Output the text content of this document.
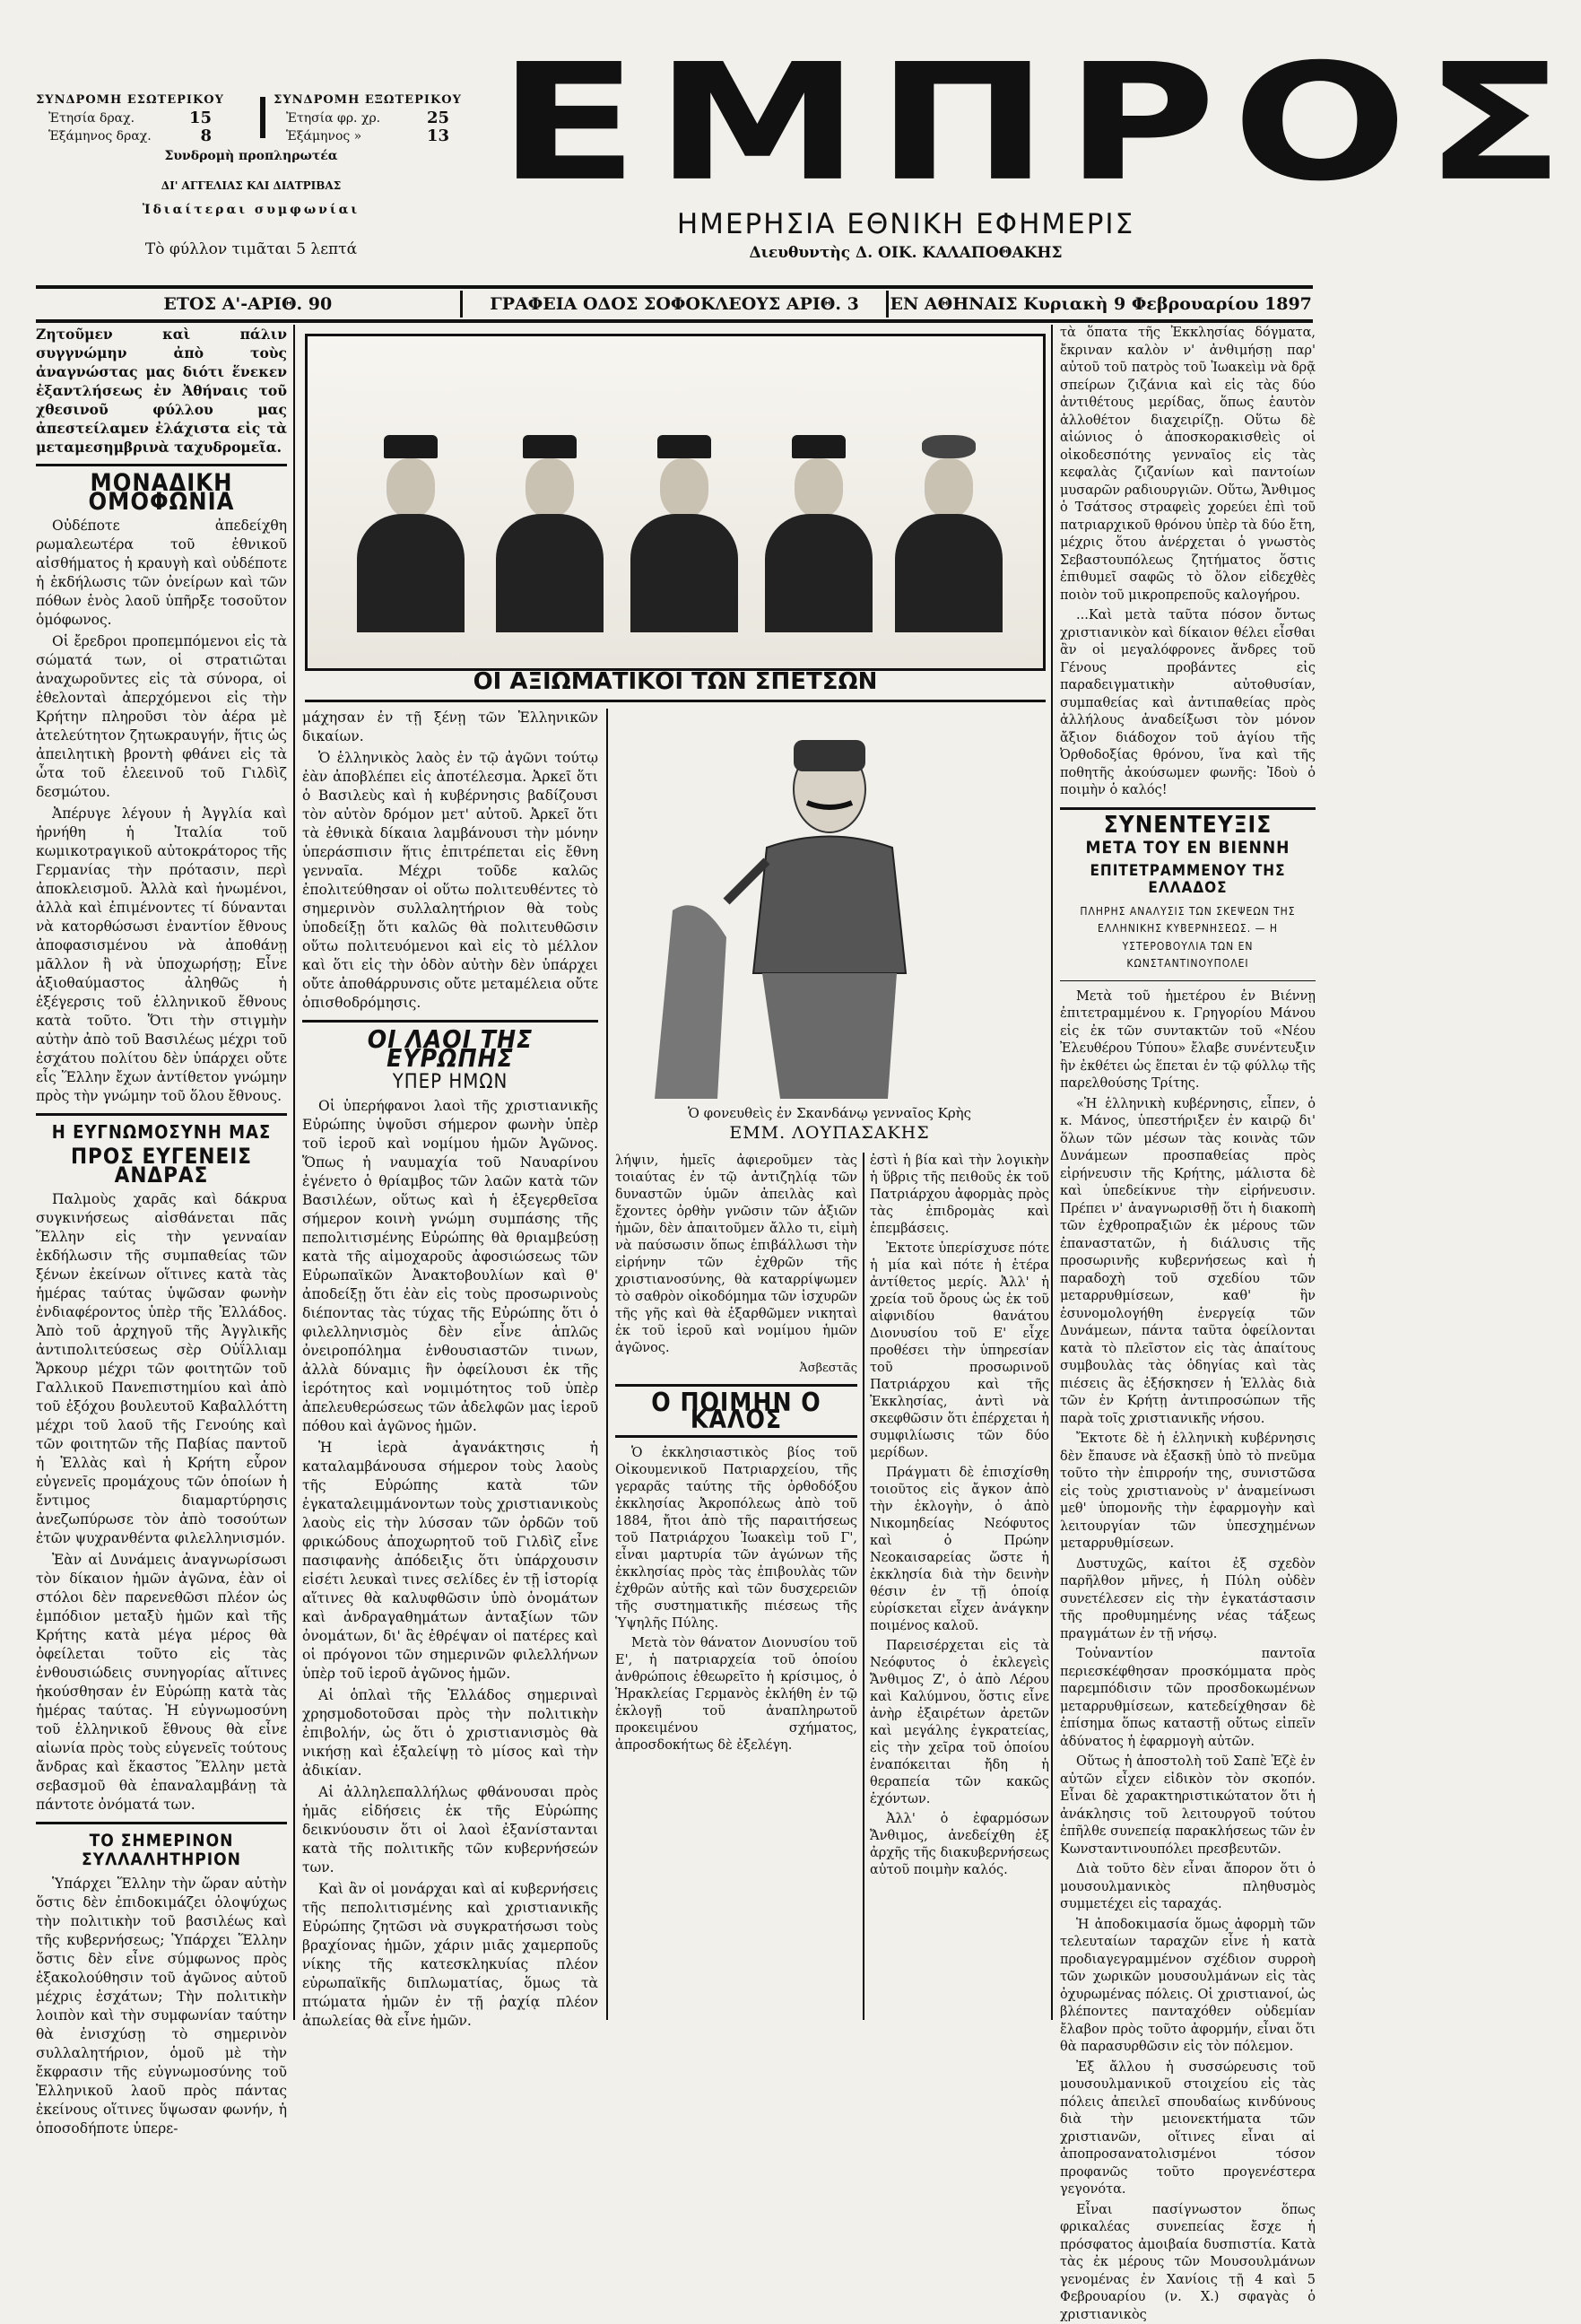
ΣΥΝΔΡΟΜΗ ΕΣΩΤΕΡΙΚΟΥ
Ἐτησία δραχ.	15
Ἑξάμηνος δραχ.	8
ΣΥΝΔΡΟΜΗ ΕΞΩΤΕΡΙΚΟΥ
Ἐτησία φρ. χρ.	25
Ἑξάμηνος »	13
Συνδρομὴ προπληρωτέα
ΔΙ' ΑΓΓΕΛΙΑΣ ΚΑΙ ΔΙΑΤΡΙΒΑΣ
Ἰδιαίτεραι συμφωνίαι
Τὸ φύλλον τιμᾶται 5 λεπτά
ΕΜΠΡΟΣ
ΗΜΕΡΗΣΙΑ ΕΘΝΙΚΗ ΕΦΗΜΕΡΙΣ
Διευθυντὴς Δ. ΟΙΚ. ΚΑΛΑΠΟΘΑΚΗΣ
ΕΤΟΣ Α'-ΑΡΙΘ. 90	ΓΡΑΦΕΙΑ ΟΔΟΣ ΣΟΦΟΚΛΕΟΥΣ ΑΡΙΘ. 3	ΕΝ ΑΘΗΝΑΙΣ Κυριακὴ 9 Φεβρουαρίου 1897

Ζητοῦμεν καὶ πάλιν συγγνώμην ἀπὸ τοὺς ἀναγνώστας μας διότι ἕνεκεν ἐξαντλήσεως ἐν Ἀθήναις τοῦ χθεσινοῦ φύλλου μας ἀπεστείλαμεν ἐλάχιστα εἰς τὰ μεταμεσημβρινὰ ταχυδρομεῖα.

ΜΟΝΑΔΙΚΗ ΟΜΟΦΩΝΙΑ

Οὐδέποτε ἀπεδείχθη ρωμαλεωτέρα τοῦ ἐθνικοῦ αἰσθήματος ἡ κραυγὴ καὶ οὐδέποτε ἡ ἐκδήλωσις τῶν ὀνείρων καὶ τῶν πόθων ἑνὸς λαοῦ ὑπῆρξε τοσοῦτον ὁμόφωνος.

Οἱ ἔρεδροι προπεμπόμενοι εἰς τὰ σώματά των, οἱ στρατιῶται ἀναχωροῦντες εἰς τὰ σύνορα, οἱ ἐθελονταὶ ἀπερχόμενοι εἰς τὴν Κρήτην πληροῦσι τὸν ἀέρα μὲ ἀτελεύτητον ζητωκραυγήν, ἥτις ὡς ἀπειλητικὴ βροντὴ φθάνει εἰς τὰ ὦτα τοῦ ἐλεεινοῦ τοῦ Γιλδὶζ δεσμώτου.

Ἀπέρυγε λέγουν ἡ Ἀγγλία καὶ ἠρνήθη ἡ Ἰταλία τοῦ κωμικοτραγικοῦ αὐτοκράτορος τῆς Γερμανίας τὴν πρότασιν, περὶ ἀποκλεισμοῦ. Ἀλλὰ καὶ ἡνωμένοι, ἀλλὰ καὶ ἐπιμένοντες τί δύνανται νὰ κατορθώσωσι ἐναντίον ἔθνους ἀποφασισμένου νὰ ἀποθάνῃ μᾶλλον ἢ νὰ ὑποχωρήσῃ; Εἶνε ἀξιοθαύμαστος ἀληθῶς ἡ ἐξέγερσις τοῦ ἑλληνικοῦ ἔθνους κατὰ τοῦτο. Ὅτι τὴν στιγμὴν αὐτὴν ἀπὸ τοῦ Βασιλέως μέχρι τοῦ ἐσχάτου πολίτου δὲν ὑπάρχει οὔτε εἷς Ἕλλην ἔχων ἀντίθετον γνώμην πρὸς τὴν γνώμην τοῦ ὅλου ἔθνους.

Η ΕΥΓΝΩΜΟΣΥΝΗ ΜΑΣ
ΠΡΟΣ ΕΥΓΕΝΕΙΣ ΑΝΔΡΑΣ

Παλμοὺς χαρᾶς καὶ δάκρυα συγκινήσεως αἰσθάνεται πᾶς Ἕλλην εἰς τὴν γενναίαν ἐκδήλωσιν τῆς συμπαθείας τῶν ξένων ἐκείνων οἵτινες κατὰ τὰς ἡμέρας ταύτας ὑψῶσαν φωνὴν ἐνδιαφέροντος ὑπὲρ τῆς Ἑλλάδος. Ἀπὸ τοῦ ἀρχηγοῦ τῆς Ἀγγλικῆς ἀντιπολιτεύσεως σὲρ Οὐΐλλιαμ Ἄρκουρ μέχρι τῶν φοιτητῶν τοῦ Γαλλικοῦ Πανεπιστημίου καὶ ἀπὸ τοῦ ἐξόχου βουλευτοῦ Καβαλλόττη μέχρι τοῦ λαοῦ τῆς Γενούης καὶ τῶν φοιτητῶν τῆς Παβίας παντοῦ ἡ Ἑλλὰς καὶ ἡ Κρήτη εὗρον εὐγενεῖς προμάχους τῶν ὁποίων ἡ ἔντιμος διαμαρτύρησις ἀνεζωπύρωσε τὸν ἀπὸ τοσούτων ἐτῶν ψυχρανθέντα φιλελληνισμόν.

Ἐὰν αἱ Δυνάμεις ἀναγνωρίσωσι τὸν δίκαιον ἡμῶν ἀγῶνα, ἐὰν οἱ στόλοι δὲν παρενεθῶσι πλέον ὡς ἐμπόδιον μεταξὺ ἡμῶν καὶ τῆς Κρήτης κατὰ μέγα μέρος θὰ ὀφείλεται τοῦτο εἰς τὰς ἐνθουσιώδεις συνηγορίας αἵτινες ἠκούσθησαν ἐν Εὐρώπῃ κατὰ τὰς ἡμέρας ταύτας. Ἡ εὐγνωμοσύνη τοῦ ἑλληνικοῦ ἔθνους θὰ εἶνε αἰωνία πρὸς τοὺς εὐγενεῖς τούτους ἄνδρας καὶ ἕκαστος Ἕλλην μετὰ σεβασμοῦ θὰ ἐπαναλαμβάνῃ τὰ πάντοτε ὀνόματά των.

ΤΟ ΣΗΜΕΡΙΝΟΝ ΣΥΛΛΑΛΗΤΗΡΙΟΝ

Ὑπάρχει Ἕλλην τὴν ὥραν αὐτὴν ὅστις δὲν ἐπιδοκιμάζει ὁλοψύχως τὴν πολιτικὴν τοῦ βασιλέως καὶ τῆς κυβερνήσεως; Ὑπάρχει Ἕλλην ὅστις δὲν εἶνε σύμφωνος πρὸς ἐξακολούθησιν τοῦ ἀγῶνος αὐτοῦ μέχρις ἐσχάτων; Τὴν πολιτικὴν λοιπὸν καὶ τὴν συμφωνίαν ταύτην θὰ ἐνισχύσῃ τὸ σημερινὸν συλλαλητήριον, ὁμοῦ μὲ τὴν ἔκφρασιν τῆς εὐγνωμοσύνης τοῦ Ἑλληνικοῦ λαοῦ πρὸς πάντας ἐκείνους οἵτινες ὕψωσαν φωνήν, ἡ ὁποσοδήποτε ὑπερε-

ΟΙ ΑΞΙΩΜΑΤΙΚΟΙ ΤΩΝ ΣΠΕΤΣΩΝ

μάχησαν ἐν τῇ ξένῃ τῶν Ἑλληνικῶν δικαίων.

Ὁ ἑλληνικὸς λαὸς ἐν τῷ ἀγῶνι τούτῳ ἐὰν ἀποβλέπει εἰς ἀποτέλεσμα. Ἀρκεῖ ὅτι ὁ Βασιλεὺς καὶ ἡ κυβέρνησις βαδίζουσι τὸν αὐτὸν δρόμον μετ' αὐτοῦ. Ἀρκεῖ ὅτι τὰ ἐθνικὰ δίκαια λαμβάνουσι τὴν μόνην ὑπεράσπισιν ἥτις ἐπιτρέπεται εἰς ἔθνη γενναῖα. Μέχρι τοῦδε καλῶς ἐπολιτεύθησαν οἱ οὕτω πολιτευθέντες τὸ σημερινὸν συλλαλητήριον θὰ τοὺς ὑποδείξῃ ὅτι καλῶς θὰ πολιτευθῶσιν οὕτω πολιτευόμενοι καὶ εἰς τὸ μέλλον καὶ ὅτι εἰς τὴν ὁδὸν αὐτὴν δὲν ὑπάρχει οὔτε ἀποθάρρυνσις οὔτε μεταμέλεια οὔτε ὀπισθοδρόμησις.

ΟΙ ΛΑΟΙ ΤΗΣ ΕΥΡΩΠΗΣ
ΥΠΕΡ ΗΜΩΝ

Οἱ ὑπερήφανοι λαοὶ τῆς χριστιανικῆς Εὐρώπης ὑψοῦσι σήμερον φωνὴν ὑπὲρ τοῦ ἱεροῦ καὶ νομίμου ἡμῶν Ἀγῶνος. Ὅπως ἡ ναυμαχία τοῦ Ναυαρίνου ἐγένετο ὁ θρίαμβος τῶν λαῶν κατὰ τῶν Βασιλέων, οὕτως καὶ ἡ ἐξεγερθεῖσα σήμερον κοινὴ γνώμη συμπάσης τῆς πεπολιτισμένης Εὐρώπης θὰ θριαμβεύσῃ κατὰ τῆς αἰμοχαροῦς ἀφοσιώσεως τῶν Εὐρωπαϊκῶν Ἀνακτοβουλίων καὶ θ' ἀποδείξῃ ὅτι ἐὰν εἰς τοὺς προσωρινοὺς διέποντας τὰς τύχας τῆς Εὐρώπης ὅτι ὁ φιλελληνισμὸς δὲν εἶνε ἁπλῶς ὀνειροπόλημα ἐνθουσιαστῶν τινων, ἀλλὰ δύναμις ἣν ὀφείλουσι ἐκ τῆς ἱερότητος καὶ νομιμότητος τοῦ ὑπὲρ ἀπελευθερώσεως τῶν ἀδελφῶν μας ἱεροῦ πόθου καὶ ἀγῶνος ἡμῶν.

Ἡ ἱερὰ ἀγανάκτησις ἡ καταλαμβάνουσα σήμερον τοὺς λαοὺς τῆς Εὐρώπης κατὰ τῶν ἐγκαταλειμμάνοντων τοὺς χριστιανικοὺς λαοὺς εἰς τὴν λύσσαν τῶν ὀρδῶν τοῦ φρικώδους ἀποχωρητοῦ τοῦ Γιλδὶζ εἶνε πασιφανὴς ἀπόδειξις ὅτι ὑπάρχουσιν εἰσέτι λευκαὶ τινες σελίδες ἐν τῇ ἱστορίᾳ αἵτινες θὰ καλυφθῶσιν ὑπὸ ὀνομάτων καὶ ἀνδραγαθημάτων ἀνταξίων τῶν ὀνομάτων, δι' ἃς ἐθρέψαν οἱ πατέρες καὶ οἱ πρόγονοι τῶν σημερινῶν φιλελλήνων ὑπὲρ τοῦ ἱεροῦ ἀγῶνος ἡμῶν.

Αἱ ὁπλαὶ τῆς Ἑλλάδος σημεριναὶ χρησμοδοτοῦσαι πρὸς τὴν πολιτικὴν ἐπιβολήν, ὡς ὅτι ὁ χριστιανισμὸς θὰ νικήσῃ καὶ ἐξαλείψῃ τὸ μίσος καὶ τὴν ἀδικίαν.

Αἱ ἀλληλεπαλλήλως φθάνουσαι πρὸς ἡμᾶς εἰδήσεις ἐκ τῆς Εὐρώπης δεικνύουσιν ὅτι οἱ λαοὶ ἐξανίστανται κατὰ τῆς πολιτικῆς τῶν κυβερνήσεών των.

Καὶ ἂν οἱ μονάρχαι καὶ αἱ κυβερνήσεις τῆς πεπολιτισμένης καὶ χριστιανικῆς Εὐρώπης ζητῶσι νὰ συγκρατήσωσι τοὺς βραχίονας ἡμῶν, χάριν μιᾶς χαμερποῦς νίκης τῆς κατεσκληκυίας πλέον εὐρωπαϊκῆς διπλωματίας, ὅμως τὰ πτώματα ἡμῶν ἐν τῇ ῥαχίᾳ πλέον ἀπωλείας θὰ εἶνε ἡμῶν.

Ὁ φονευθεὶς ἐν Σκανδάνῳ γενναῖος Κρὴς
ΕΜΜ. ΛΟΥΠΑΣΑΚΗΣ

λήψιν, ἡμεῖς ἀφιεροῦμεν τὰς τοιαύτας ἐν τῷ ἀντιζηλίᾳ τῶν δυναστῶν ὑμῶν ἀπειλὰς καὶ ἔχοντες ὀρθὴν γνῶσιν τῶν ἀξιῶν ἡμῶν, δὲν ἀπαιτοῦμεν ἄλλο τι, εἰμὴ νὰ παύσωσιν ὅπως ἐπιβάλλωσι τὴν εἰρήνην τῶν ἐχθρῶν τῆς χριστιανοσύνης, θὰ καταρρίψωμεν τὸ σαθρὸν οἰκοδόμημα τῶν ἰσχυρῶν τῆς γῆς καὶ θὰ ἐξαρθῶμεν νικηταὶ ἐκ τοῦ ἱεροῦ καὶ νομίμου ἡμῶν ἀγῶνος.

Ἀσβεστᾶς
Ο ΠΟΙΜΗΝ Ο ΚΑΛΟΣ

Ὁ ἐκκλησιαστικὸς βίος τοῦ Οἰκουμενικοῦ Πατριαρχείου, τῆς γεραρᾶς ταύτης τῆς ὀρθοδόξου ἐκκλησίας Ἀκροπόλεως ἀπὸ τοῦ 1884, ἤτοι ἀπὸ τῆς παραιτήσεως τοῦ Πατριάρχου Ἰωακεὶμ τοῦ Γ', εἶναι μαρτυρία τῶν ἀγώνων τῆς ἐκκλησίας πρὸς τὰς ἐπιβουλὰς τῶν ἐχθρῶν αὐτῆς καὶ τῶν δυσχερειῶν τῆς συστηματικῆς πιέσεως τῆς Ὑψηλῆς Πύλης.

Μετὰ τὸν θάνατον Διονυσίου τοῦ Ε', ἡ πατριαρχεία τοῦ ὁποίου ἀνθρώποις ἐθεωρεῖτο ἡ κρίσιμος, ὁ Ἡρακλείας Γερμανὸς ἐκλήθη ἐν τῷ ἐκλογῇ τοῦ ἀναπληρωτοῦ προκειμένου σχήματος, ἀπροσδοκήτως δὲ ἐξελέγη.

ἐστὶ ἡ βία καὶ τὴν λογικὴν ἡ ὕβρις τῆς πειθοῦς ἐκ τοῦ Πατριάρχου ἀφορμὰς πρὸς τὰς ἐπιδρομὰς καὶ ἐπεμβάσεις.

Ἐκτοτε ὑπερίσχυσε πότε ἡ μία καὶ πότε ἡ ἑτέρα ἀντίθετος μερίς. Ἀλλ' ἡ χρεία τοῦ ὄρους ὡς ἐκ τοῦ αἰφνιδίου θανάτου Διονυσίου τοῦ Ε' εἶχε προθέσει τὴν ὑπηρεσίαν τοῦ προσωρινοῦ Πατριάρχου καὶ τῆς Ἐκκλησίας, ἀντὶ νὰ σκεφθῶσιν ὅτι ἐπέρχεται ἡ συμφιλίωσις τῶν δύο μερίδων.

Πράγματι δὲ ἐπισχίσθη τοιοῦτος εἰς ἄγκον ἀπὸ τὴν ἐκλογὴν, ὁ ἀπὸ Νικομηδείας Νεόφυτος καὶ ὁ Πρώην Νεοκαισαρείας ὥστε ἡ ἐκκλησία διὰ τὴν δεινὴν θέσιν ἐν τῇ ὁποίᾳ εὑρίσκεται εἶχεν ἀνάγκην ποιμένος καλοῦ.

Παρεισέρχεται εἰς τὰ Νεόφυτος ὁ ἐκλεγεὶς Ἄνθιμος Ζ', ὁ ἀπὸ Λέρου καὶ Καλύμνου, ὅστις εἶνε ἀνὴρ ἐξαιρέτων ἀρετῶν καὶ μεγάλης ἐγκρατείας, εἰς τὴν χεῖρα τοῦ ὁποίου ἐναπόκειται ἤδη ἡ θεραπεία τῶν κακῶς ἐχόντων.

Ἀλλ' ὁ ἐφαρμόσων Ἄνθιμος, ἀνεδείχθη ἐξ ἀρχῆς τῆς διακυβερνήσεως αὐτοῦ ποιμὴν καλός.

τὰ ὅπατα τῆς Ἐκκλησίας δόγματα, ἔκριναν καλὸν ν' ἀνθιμήσῃ παρ' αὐτοῦ τοῦ πατρὸς τοῦ Ἰωακεὶμ νὰ δρᾷ σπείρων ζιζάνια καὶ εἰς τὰς δύο ἀντιθέτους μερίδας, ὅπως ἑαυτὸν ἀλλοθέτον διαχειρίζῃ. Οὕτω δὲ αἰώνιος ὁ ἀποσκορακισθεὶς οἱ οἰκοδεσπότης γενναῖος εἰς τὰς κεφαλὰς ζιζανίων καὶ παντοίων μυσαρῶν ραδιουργιῶν. Οὕτω, Ἄνθιμος ὁ Τσάτσος στραφεὶς χορεύει ἐπὶ τοῦ πατριαρχικοῦ θρόνου ὑπὲρ τὰ δύο ἔτη, μέχρις ὅτου ἀνέρχεται ὁ γνωστὸς Σεβαστουπόλεως ζητήματος ὅστις ἐπιθυμεῖ σαφῶς τὸ ὅλον εἰδεχθὲς ποιὸν τοῦ μικροπρεποῦς καλογήρου.

...Καὶ μετὰ ταῦτα πόσον ὄντως χριστιανικὸν καὶ δίκαιον θέλει εἶσθαι ἂν οἱ μεγαλόφρονες ἄνδρες τοῦ Γένους προβάντες εἰς παραδειγματικὴν αὐτοθυσίαν, συμπαθείας καὶ ἀντιπαθείας πρὸς ἀλλήλους ἀναδείξωσι τὸν μόνον ἄξιον διάδοχον τοῦ ἁγίου τῆς Ὀρθοδοξίας θρόνου, ἵνα καὶ τῆς ποθητῆς ἀκούσωμεν φωνῆς: Ἰδοὺ ὁ ποιμὴν ὁ καλός!

ΣΥΝΕΝΤΕΥΞΙΣ
ΜΕΤΑ ΤΟΥ ΕΝ ΒΙΕΝΝΗ
ΕΠΙΤΕΤΡΑΜΜΕΝΟΥ ΤΗΣ ΕΛΛΑΔΟΣ
ΠΛΗΡΗΣ ΑΝΑΛΥΣΙΣ ΤΩΝ ΣΚΕΨΕΩΝ ΤΗΣ ΕΛΛΗΝΙΚΗΣ ΚΥΒΕΡΝΗΣΕΩΣ. — Η ΥΣΤΕΡΟΒΟΥΛΙΑ ΤΩΝ ΕΝ ΚΩΝΣΤΑΝΤΙΝΟΥΠΟΛΕΙ

Μετὰ τοῦ ἡμετέρου ἐν Βιέννῃ ἐπιτετραμμένου κ. Γρηγορίου Μάνου εἰς ἐκ τῶν συντακτῶν τοῦ «Νέου Ἐλευθέρου Τύπου» ἔλαβε συνέντευξιν ἣν ἐκθέτει ὡς ἕπεται ἐν τῷ φύλλῳ τῆς παρελθούσης Τρίτης.

«Ἡ ἑλληνικὴ κυβέρνησις, εἶπεν, ὁ κ. Μάνος, ὑπεστήριξεν ἐν καιρῷ δι' ὅλων τῶν μέσων τὰς κοινὰς τῶν Δυνάμεων προσπαθείας πρὸς εἰρήνευσιν τῆς Κρήτης, μάλιστα δὲ καὶ ὑπεδείκνυε τὴν εἰρήνευσιν. Πρέπει ν' ἀναγνωρισθῇ ὅτι ἡ διακοπὴ τῶν ἐχθροπραξιῶν ἐκ μέρους τῶν ἐπαναστατῶν, ἡ διάλυσις τῆς προσωρινῆς κυβερνήσεως καὶ ἡ παραδοχὴ τοῦ σχεδίου τῶν μεταρρυθμίσεων, καθ' ἣν ἐσυνομολογήθη ἐνεργείᾳ τῶν Δυνάμεων, πάντα ταῦτα ὀφείλονται κατὰ τὸ πλεῖστον εἰς τὰς ἀπαίτους συμβουλὰς τὰς ὁδηγίας καὶ τὰς πιέσεις ἃς ἐξήσκησεν ἡ Ἑλλὰς διὰ τῶν ἐν Κρήτῃ ἀντιπροσώπων τῆς παρὰ τοῖς χριστιανικῆς νήσου.

Ἔκτοτε δὲ ἡ ἑλληνικὴ κυβέρνησις δὲν ἔπαυσε νὰ ἐξασκῇ ὑπὸ τὸ πνεῦμα τοῦτο τὴν ἐπιρροήν της, συνιστῶσα εἰς τοὺς χριστιανοὺς ν' ἀναμείνωσι μεθ' ὑπομονῆς τὴν ἐφαρμογὴν καὶ λειτουργίαν τῶν ὑπεσχημένων μεταρρυθμίσεων.

Δυστυχῶς, καίτοι ἐξ σχεδὸν παρῆλθον μῆνες, ἡ Πύλη οὐδὲν συνετέλεσεν εἰς τὴν ἐγκατάστασιν τῆς προθυμημένης νέας τάξεως πραγμάτων ἐν τῇ νήσῳ.

Τοὐναντίον παντοῖα περιεσκέφθησαν προσκόμματα πρὸς παρεμπόδισιν τῶν προσδοκωμένων μεταρρυθμίσεων, κατεδείχθησαν δὲ ἐπίσημα ὅπως καταστῇ οὕτως εἰπεῖν ἀδύνατος ἡ ἐφαρμογὴ αὐτῶν.

Οὕτως ἡ ἀποστολὴ τοῦ Σαπὲ Ἐζὲ ἐν αὐτῶν εἶχεν εἰδικὸν τὸν σκοπόν. Εἶναι δὲ χαρακτηριστικώτατον ὅτι ἡ ἀνάκλησις τοῦ λειτουργοῦ τούτου ἐπῆλθε συνεπείᾳ παρακλήσεως τῶν ἐν Κωνσταντινουπόλει πρεσβευτῶν.

Διὰ τοῦτο δὲν εἶναι ἄπορον ὅτι ὁ μουσουλμανικὸς πληθυσμὸς συμμετέχει εἰς ταραχάς.

Ἡ ἀποδοκιμασία ὅμως ἀφορμὴ τῶν τελευταίων ταραχῶν εἶνε ἡ κατὰ προδιαγεγραμμένον σχέδιον συρροὴ τῶν χωρικῶν μουσουλμάνων εἰς τὰς ὀχυρωμένας πόλεις. Οἱ χριστιανοί, ὡς βλέποντες πανταχόθεν οὐδεμίαν ἔλαβον πρὸς τοῦτο ἀφορμήν, εἶναι ὅτι θὰ παρασυρθῶσιν εἰς τὸν πόλεμον.

Ἐξ ἄλλου ἡ συσσώρευσις τοῦ μουσουλμανικοῦ στοιχείου εἰς τὰς πόλεις ἀπειλεῖ σπουδαίως κινδύνους διὰ τὴν μειονεκτήματα τῶν χριστιανῶν, οἵτινες εἶναι αἱ ἀποπροσανατολισμένοι τόσον προφανῶς τοῦτο προγενέστερα γεγονότα.

Εἶναι πασίγνωστον ὅπως φρικαλέας συνεπείας ἔσχε ἡ πρόσφατος ἀμοιβαία δυσπιστία. Κατὰ τὰς ἐκ μέρους τῶν Μουσουλμάνων γενομένας ἐν Χανίοις τῇ 4 καὶ 5 Φεβρουαρίου (ν. Χ.) σφαγὰς ὁ χριστιανικὸς
